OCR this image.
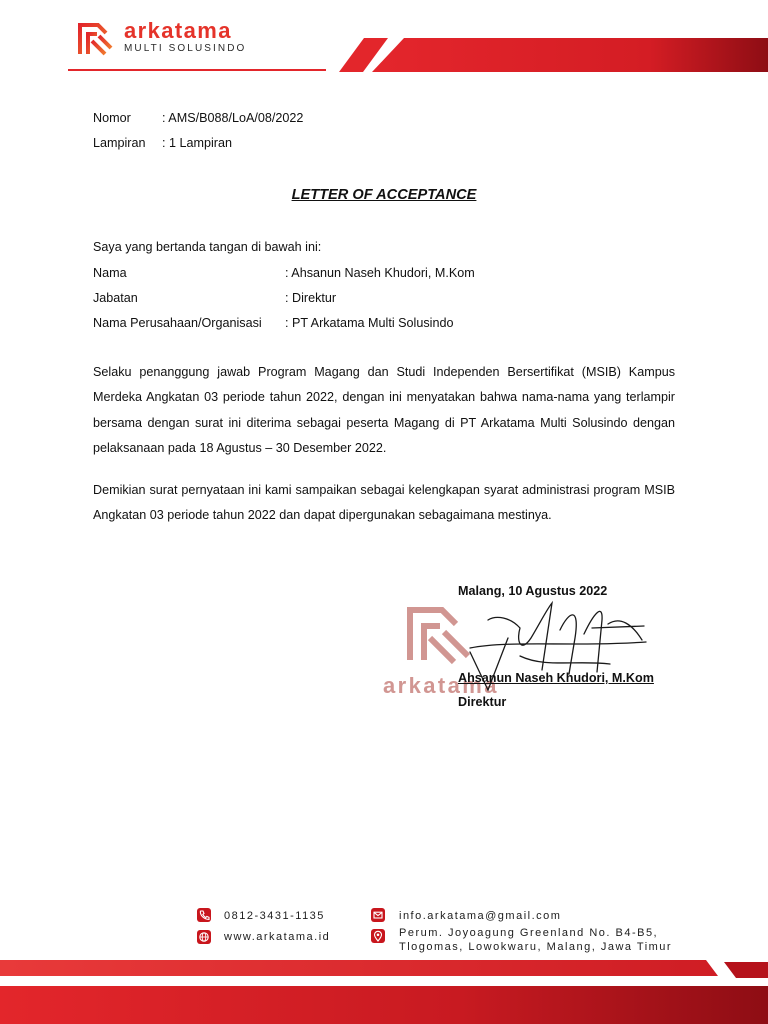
arkatama
MULTI SOLUSINDO
Nomor : AMS/B088/LoA/08/2022
Lampiran : 1 Lampiran
LETTER OF ACCEPTANCE
Saya yang bertanda tangan di bawah ini:
Nama	: Ahsanun Naseh Khudori, M.Kom
Jabatan	: Direktur
Nama Perusahaan/Organisasi : PT Arkatama Multi Solusindo
Selaku penanggung jawab Program Magang dan Studi Independen Bersertifikat (MSIB) Kampus
Merdeka Angkatan 03 periode tahun 2022, dengan ini menyatakan bahwa nama-nama yang terlampir
bersama dengan surat ini diterima sebagai peserta Magang di PT Arkatama Multi Solusindo dengan
pelaksanaan pada 18 Agustus – 30 Desember 2022.
Demikian surat pernyataan ini kami sampaikan sebagai kelengkapan syarat administrasi program MSIB
Angkatan 03 periode tahun 2022 dan dapat dipergunakan sebagaimana mestinya.
Malang, 10 Agustus 2022
arkatama
Ahsanun Naseh Khudori, M.Kom
Direktur
0812-3431-1135
www.arkatama.id
info.arkatama@gmail.com
Perum. Joyoagung Greenland No. B4-B5,
Tlogomas, Lowokwaru, Malang, Jawa Timur
